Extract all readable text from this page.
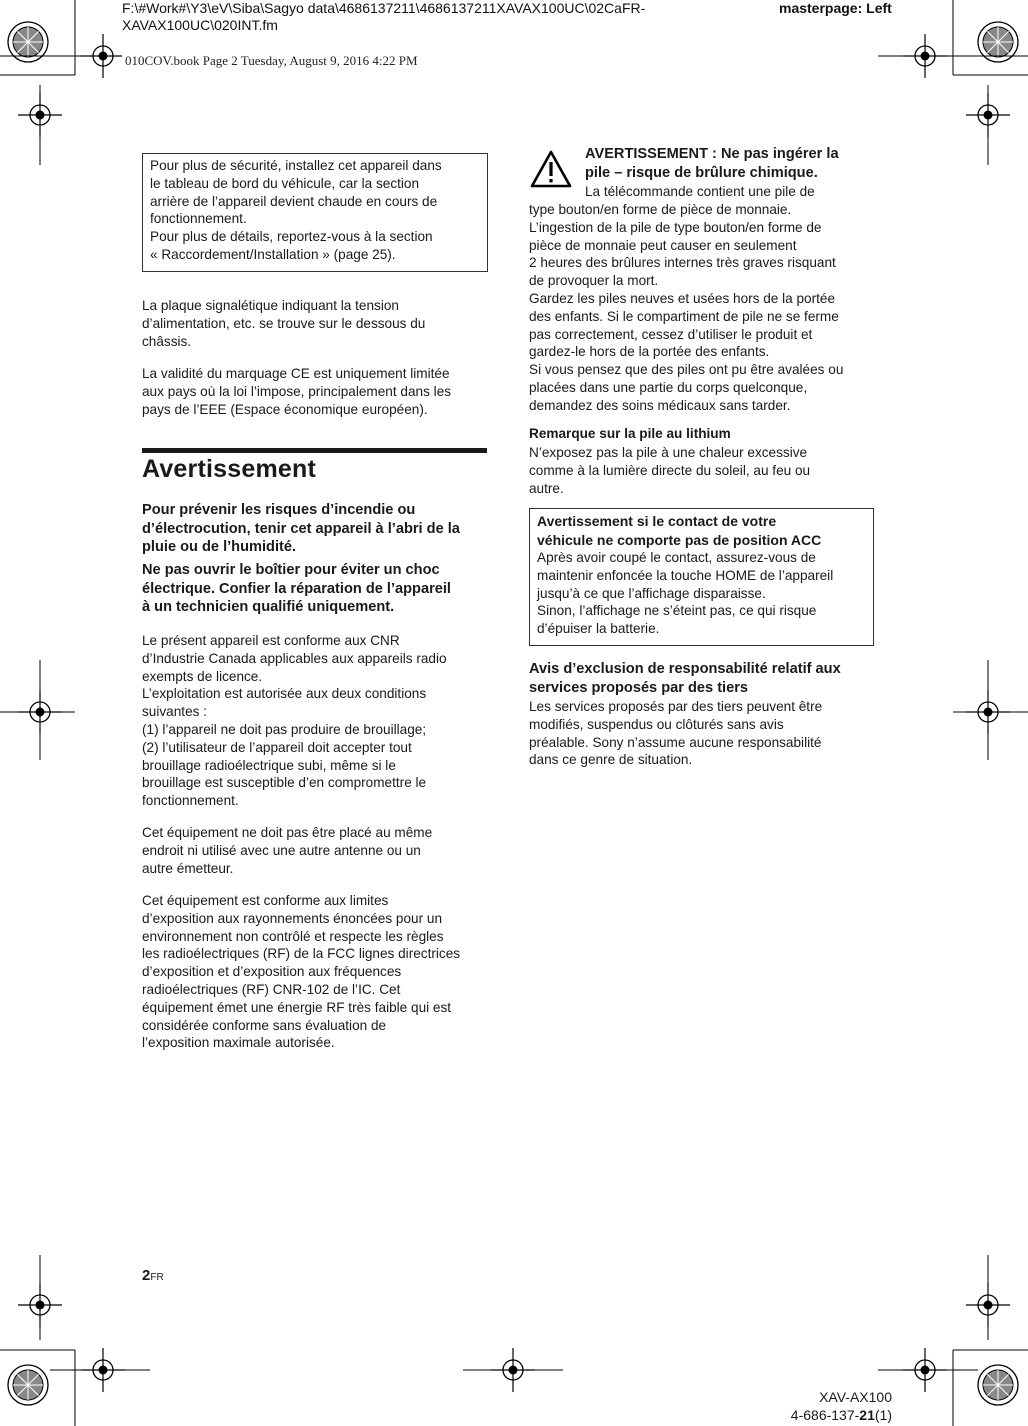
F:\#Work#\Y3\eV\Siba\Sagyo data\4686137211\4686137211XAVAX100UC\02CaFR-
XAVAX100UC\020INT.fm
masterpage: Left
010COV.book Page 2 Tuesday, August 9, 2016 4:22 PM
Pour plus de sécurité, installez cet appareil dans
le tableau de bord du véhicule, car la section
arrière de l’appareil devient chaude en cours de
fonctionnement.
Pour plus de détails, reportez-vous à la section
« Raccordement/Installation » (page 25).
La plaque signalétique indiquant la tension
d’alimentation, etc. se trouve sur le dessous du
châssis.
La validité du marquage CE est uniquement limitée
aux pays où la loi l’impose, principalement dans les
pays de l’EEE (Espace économique européen).
Avertissement
Pour prévenir les risques d’incendie ou
d’électrocution, tenir cet appareil à l’abri de la
pluie ou de l’humidité.
Ne pas ouvrir le boîtier pour éviter un choc
électrique. Confier la réparation de l’appareil
à un technicien qualifié uniquement.
Le présent appareil est conforme aux CNR
d’Industrie Canada applicables aux appareils radio
exempts de licence.
L’exploitation est autorisée aux deux conditions
suivantes :
(1) l’appareil ne doit pas produire de brouillage;
(2) l’utilisateur de l’appareil doit accepter tout
brouillage radioélectrique subi, même si le
brouillage est susceptible d’en compromettre le
fonctionnement.
Cet équipement ne doit pas être placé au même
endroit ni utilisé avec une autre antenne ou un
autre émetteur.
Cet équipement est conforme aux limites
d’exposition aux rayonnements énoncées pour un
environnement non contrôlé et respecte les règles
les radioélectriques (RF) de la FCC lignes directrices
d’exposition et d’exposition aux fréquences
radioélectriques (RF) CNR-102 de l’IC. Cet
équipement émet une énergie RF très faible qui est
considérée conforme sans évaluation de
l’exposition maximale autorisée.
AVERTISSEMENT : Ne pas ingérer la
pile – risque de brûlure chimique.
La télécommande contient une pile de
type bouton/en forme de pièce de monnaie.
L’ingestion de la pile de type bouton/en forme de
pièce de monnaie peut causer en seulement
2 heures des brûlures internes très graves risquant
de provoquer la mort.
Gardez les piles neuves et usées hors de la portée
des enfants. Si le compartiment de pile ne se ferme
pas correctement, cessez d’utiliser le produit et
gardez-le hors de la portée des enfants.
Si vous pensez que des piles ont pu être avalées ou
placées dans une partie du corps quelconque,
demandez des soins médicaux sans tarder.
Remarque sur la pile au lithium
N’exposez pas la pile à une chaleur excessive
comme à la lumière directe du soleil, au feu ou
autre.
Avertissement si le contact de votre
véhicule ne comporte pas de position ACC
Après avoir coupé le contact, assurez-vous de
maintenir enfoncée la touche HOME de l’appareil
jusqu’à ce que l’affichage disparaisse.
Sinon, l’affichage ne s’éteint pas, ce qui risque
d’épuiser la batterie.
Avis d’exclusion de responsabilité relatif aux
services proposés par des tiers
Les services proposés par des tiers peuvent être
modifiés, suspendus ou clôturés sans avis
préalable. Sony n’assume aucune responsabilité
dans ce genre de situation.
2FR
XAV-AX100
4-686-137-21(1)
